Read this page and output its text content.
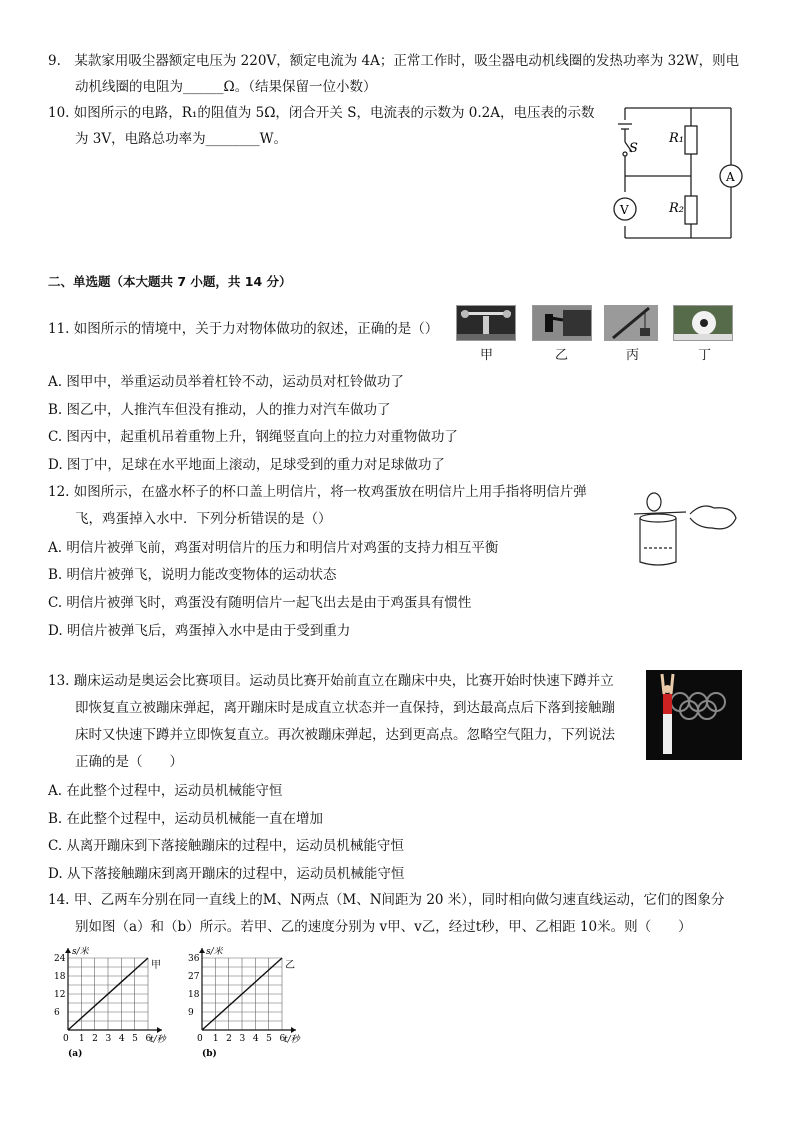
9.　某款家用吸尘器额定电压为 220V，额定电流为 4A；正常工作时，吸尘器电动机线圈的发热功率为 32W，则电
动机线圈的电阻为______Ω。（结果保留一位小数）
10. 如图所示的电路，R₁的阻值为 5Ω，闭合开关 S，电流表的示数为 0.2A，电压表的示数
为 3V，电路总功率为________W。
S
R₁
R₂
A
V
二、单选题（本大题共 7 小题，共 14 分）
11. 如图所示的情境中，关于力对物体做功的叙述，正确的是（）
甲	乙	丙	丁
A. 图甲中，举重运动员举着杠铃不动，运动员对杠铃做功了
B. 图乙中，人推汽车但没有推动，人的推力对汽车做功了
C. 图丙中，起重机吊着重物上升，钢绳竖直向上的拉力对重物做功了
D. 图丁中，足球在水平地面上滚动，足球受到的重力对足球做功了
12. 如图所示，在盛水杯子的杯口盖上明信片，将一枚鸡蛋放在明信片上用手指将明信片弹
飞，鸡蛋掉入水中．下列分析错误的是（）
A. 明信片被弹飞前，鸡蛋对明信片的压力和明信片对鸡蛋的支持力相互平衡
B. 明信片被弹飞，说明力能改变物体的运动状态
C. 明信片被弹飞时，鸡蛋没有随明信片一起飞出去是由于鸡蛋具有惯性
D. 明信片被弹飞后，鸡蛋掉入水中是由于受到重力
13. 蹦床运动是奥运会比赛项目。运动员比赛开始前直立在蹦床中央，比赛开始时快速下蹲并立
即恢复直立被蹦床弹起，离开蹦床时是成直立状态并一直保持，到达最高点后下落到接触蹦
床时又快速下蹲并立即恢复直立。再次被蹦床弹起，达到更高点。忽略空气阻力，下列说法
正确的是（　　）
A. 在此整个过程中，运动员机械能守恒
B. 在此整个过程中，运动员机械能一直在增加
C. 从离开蹦床到下落接触蹦床的过程中，运动员机械能守恒
D. 从下落接触蹦床到离开蹦床的过程中，运动员机械能守恒
14. 甲、乙两车分别在同一直线上的M、N两点（M、N间距为 20 米），同时相向做匀速直线运动，它们的图象分
别如图（a）和（b）所示。若甲、乙的速度分别为 v甲、v乙，经过t秒，甲、乙相距 10米。则（　　）
0 1 2 3 4 5 6
6
12
18
24
s/米
t/秒
甲
(a)
0 1 2 3 4 5 6
9
18
27
36
s/米
t/秒
乙
(b)
